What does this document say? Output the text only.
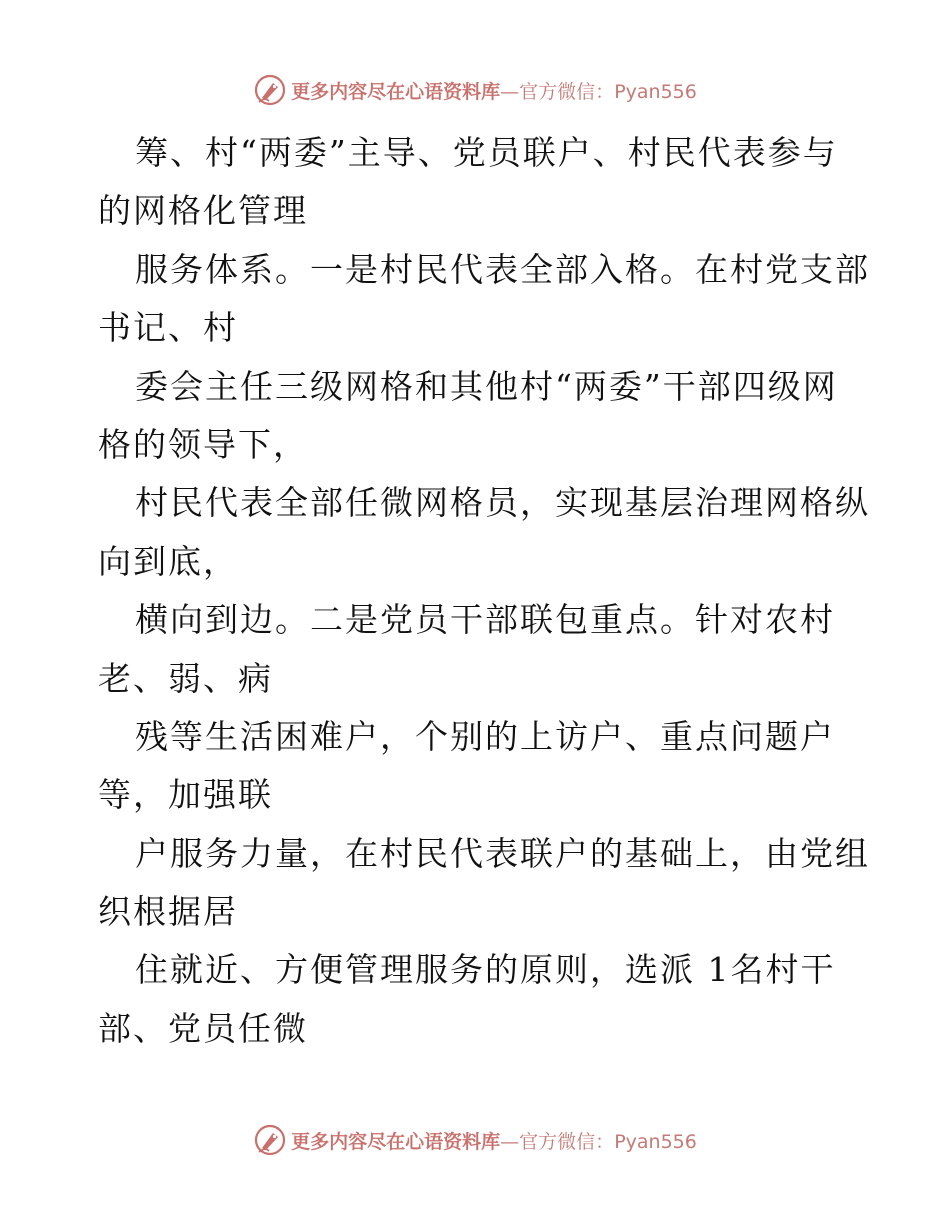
更多内容尽在心语资料库—官方微信：Pyan556
筹、村“两委”主导、党员联户、村民代表参与
的网格化管理
服务体系。一是村民代表全部入格。在村党支部
书记、村
委会主任三级网格和其他村“两委”干部四级网
格的领导下，
村民代表全部任微网格员，实现基层治理网格纵
向到底，
横向到边。二是党员干部联包重点。针对农村
老、弱、病
残等生活困难户，个别的上访户、重点问题户
等，加强联
户服务力量，在村民代表联户的基础上，由党组
织根据居
住就近、方便管理服务的原则，选派 1名村干
部、党员任微
更多内容尽在心语资料库—官方微信：Pyan556
